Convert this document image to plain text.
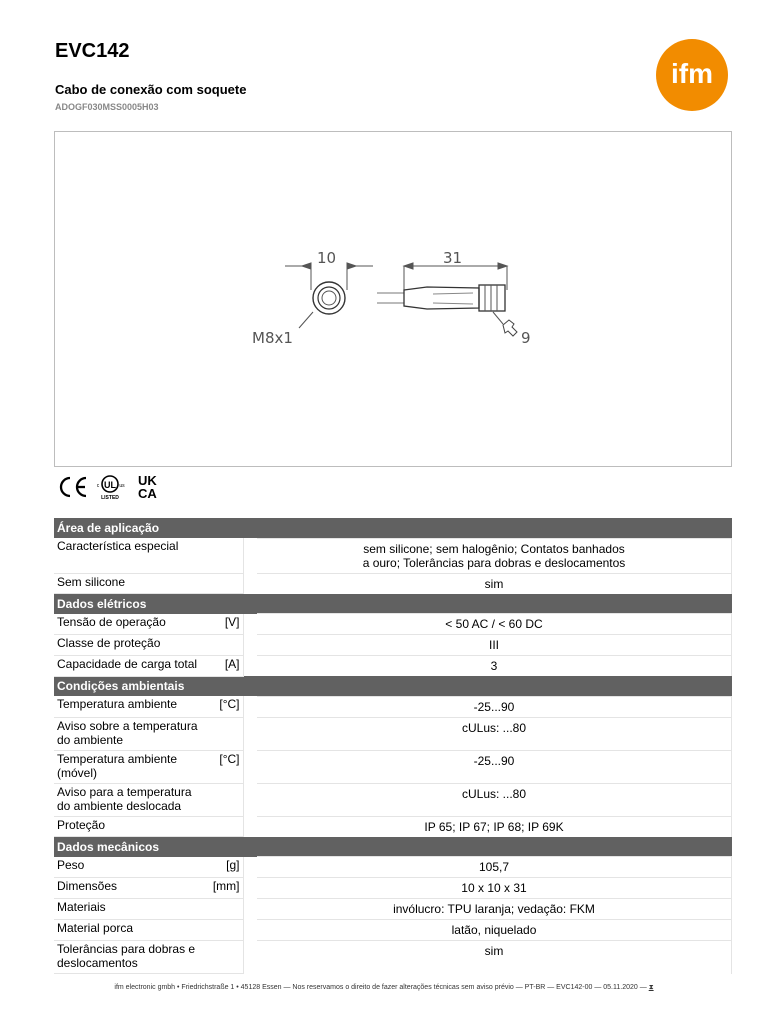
EVC142
Cabo de conexão com soquete
ADOGF030MSS0005H03
ifm
10	31
M8x1	9
UL
c	us
LISTED
UK
CA
Área de aplicação			
Característica especial			sem silicone; sem halogênio; Contatos banhados
a ouro; Tolerâncias para dobras e deslocamentos

Sem silicone			sim

Dados elétricos			
Tensão de operação	[V]		< 50 AC / < 60 DC

Classe de proteção			III

Capacidade de carga total	[A]		3

Condições ambientais			
Temperatura ambiente	[°C]		-25...90

Aviso sobre a temperatura do ambiente			cULus: ...80

Temperatura ambiente (móvel)	[°C]		-25...90

Aviso para a temperatura do ambiente deslocada			cULus: ...80

Proteção			IP 65; IP 67; IP 68; IP 69K

Dados mecânicos			
Peso	[g]		105,7

Dimensões	[mm]		10 x 10 x 31

Materiais			invólucro: TPU laranja; vedação: FKM

Material porca			latão, niquelado

Tolerâncias para dobras e deslocamentos			sim
ifm electronic gmbh • Friedrichstraße 1 • 45128 Essen — Nos reservamos o direito de fazer alterações técnicas sem aviso prévio — PT-BR — EVC142-00 — 05.11.2020 — ⧗
